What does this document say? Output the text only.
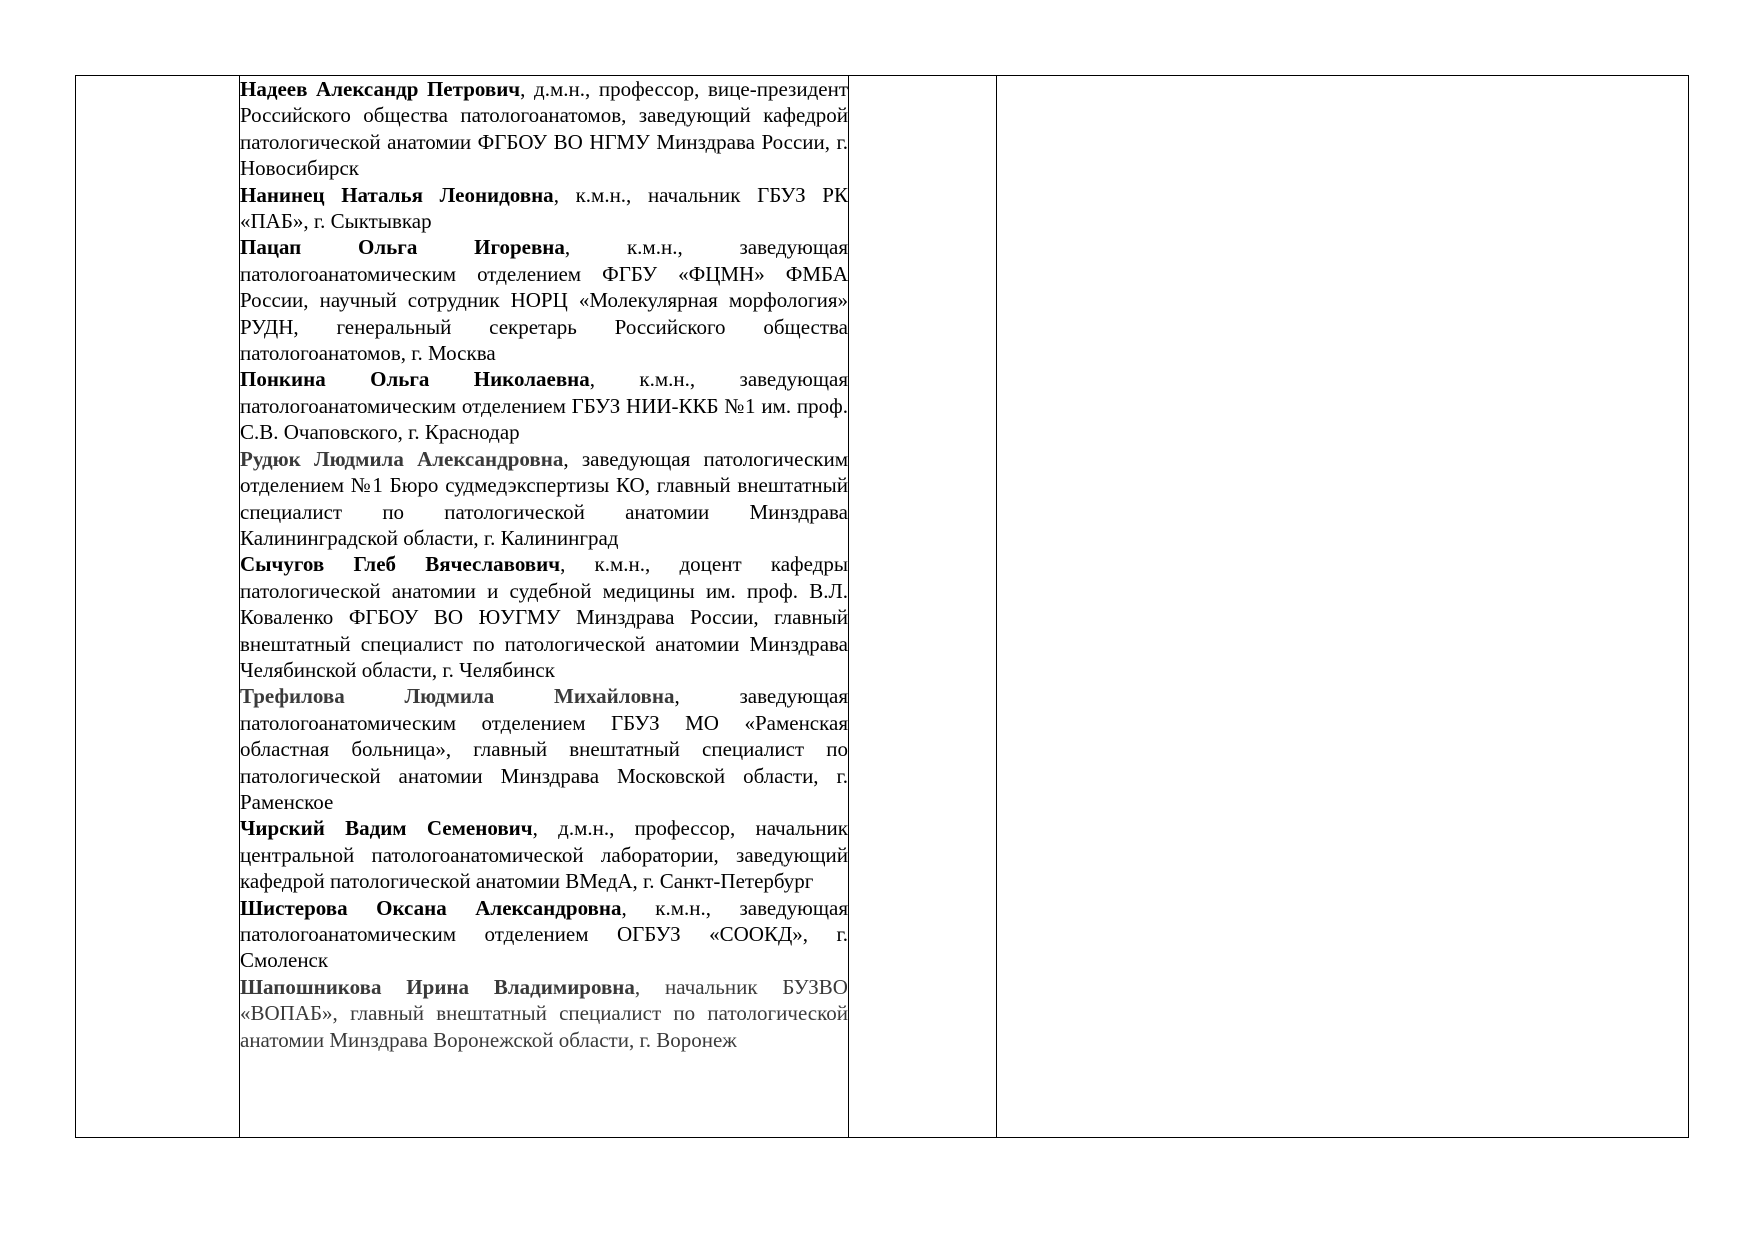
Надеев Александр Петрович, д.м.н., профессор, вице-президент Российского общества патологоанатомов, заведующий кафедрой патологической анатомии ФГБОУ ВО НГМУ Минздрава России, г. Новосибирск
Нанинец Наталья Леонидовна, к.м.н., начальник ГБУЗ РК «ПАБ», г. Сыктывкар
Пацап Ольга Игоревна, к.м.н., заведующая патологоанатомическим отделением ФГБУ «ФЦМН» ФМБА России, научный сотрудник НОРЦ «Молекулярная морфология» РУДН, генеральный секретарь Российского общества патологоанатомов, г. Москва
Понкина Ольга Николаевна, к.м.н., заведующая патологоанатомическим отделением ГБУЗ НИИ-ККБ №1 им. проф. С.В. Очаповского, г. Краснодар
Рудюк Людмила Александровна, заведующая патологическим отделением №1 Бюро судмедэкспертизы КО, главный внештатный специалист по патологической анатомии Минздрава Калининградской области, г. Калининград
Сычугов Глеб Вячеславович, к.м.н., доцент кафедры патологической анатомии и судебной медицины им. проф. В.Л. Коваленко ФГБОУ ВО ЮУГМУ Минздрава России, главный внештатный специалист по патологической анатомии Минздрава Челябинской области, г. Челябинск
Трефилова Людмила Михайловна, заведующая патологоанатомическим отделением ГБУЗ МО «Раменская областная больница», главный внештатный специалист по патологической анатомии Минздрава Московской области, г. Раменское
Чирский Вадим Семенович, д.м.н., профессор, начальник центральной патологоанатомической лаборатории, заведующий кафедрой патологической анатомии ВМедА, г. Санкт-Петербург
Шистерова Оксана Александровна, к.м.н., заведующая патологоанатомическим отделением ОГБУЗ «СООКД», г. Смоленск
Шапошникова Ирина Владимировна, начальник БУЗВО «ВОПАБ», главный внештатный специалист по патологической анатомии Минздрава Воронежской области, г. Воронеж
